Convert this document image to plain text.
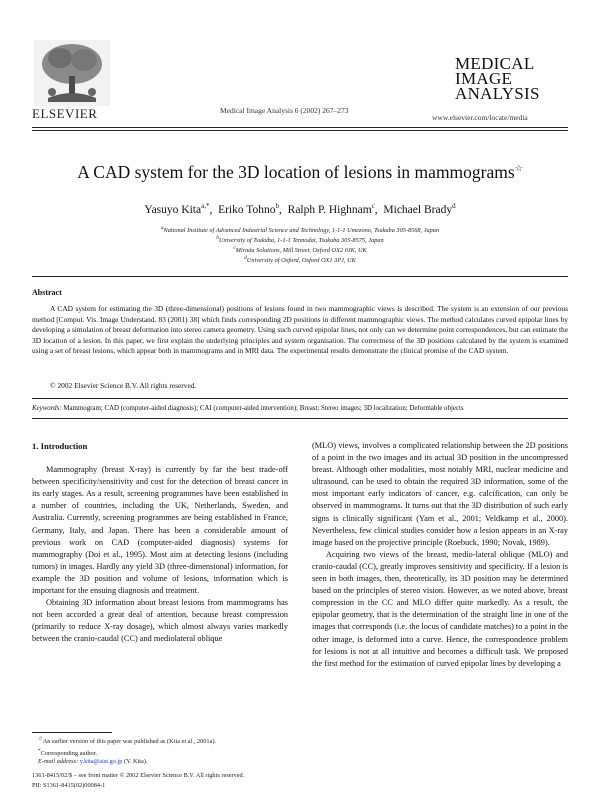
ELSEVIER	Medical Image Analysis 6 (2002) 267–273
MEDICAL
IMAGE
ANALYSIS
www.elsevier.com/locate/media
A CAD system for the 3D location of lesions in mammograms☆
Yasuyo Kita$^{a,*}$,  Eriko Tohno$^b$,  Ralph P. Highnam$^c$,  Michael Brady$^d$
$^a$National Institute of Advanced Industrial Science and Technology, 1-1-1 Umezono, Tsukuba 305-8568, Japan
$^b$University of Tsukuba, 1-1-1 Tennodai, Tsukuba 305-8575, Japan
$^c$Mirada Solutions, Mill Street, Oxford OX2 0JK, UK
$^d$University of Oxford, Oxford OX1 3PJ, UK
Abstract

A CAD system for estimating the 3D (three-dimensional) positions of lesions found in two mammographic views is described. The system is an extension of our previous method [Comput. Vis. Image Understand. 83 (2001) 38] which finds corresponding 2D positions in different mammographic views. The method calculates curved epipolar lines by developing a simulation of breast deformation into stereo camera geometry. Using such curved epipolar lines, not only can we determine point correspondences, but can estimate the 3D location of a lesion. In this paper, we first explain the underlying principles and system organisation. The correctness of the 3D positions calculated by the system is examined using a set of breast lesions, which appear both in mammograms and in MRI data. The experimental results demonstrate the clinical promise of the CAD system.

© 2002 Elsevier Science B.V. All rights reserved.
Keywords: Mammogram; CAD (computer-aided diagnosis); CAI (computer-aided intervention); Breast; Stereo images; 3D localization; Deformable objects
1. Introduction

Mammography (breast X-ray) is currently by far the best trade-off between specificity/sensitivity and cost for the detection of breast cancer in its early stages. As a result, screening programmes have been established in a number of countries, including the UK, Netherlands, Sweden, and Australia. Currently, screening programmes are being established in France, Germany, Italy, and Japan. There has been a considerable amount of previous work on CAD (computer-aided diagnosis) systems for mammography (Doi et al., 1995). Most aim at detecting lesions (including tumors) in images. Hardly any yield 3D (three-dimensional) information, for example the 3D position and volume of lesions, information which is important for the ensuing diagnosis and treatment.

Obtaining 3D information about breast lesions from mammograms has not been accorded a great deal of attention, because breast compression (primarily to reduce X-ray dosage), which almost always varies markedly between the cranio-caudal (CC) and mediolateral oblique

(MLO) views, involves a complicated relationship between the 2D positions of a point in the two images and its actual 3D position in the uncompressed breast. Although other modalities, most notably MRI, nuclear medicine and ultrasound, can be used to obtain the required 3D information, some of the most important early indicators of cancer, e.g. calcification, can only be observed in mammograms. It turns out that the 3D distribution of such early signs is clinically significant (Yam et al., 2001; Veldkamp et al., 2000). Nevertheless, few clinical studies consider how a lesion appears in an X-ray image based on the projective principle (Roebuck, 1990; Novak, 1989).

Acquiring two views of the breast, medio-lateral oblique (MLO) and cranio-caudal (CC), greatly improves sensitivity and specificity. If a lesion is seen in both images, then, theoretically, its 3D position may be determined based on the principles of stereo vision. However, as we noted above, breast compression in the CC and MLO differ quite markedly. As a result, the epipolar geometry, that is the determination of the straight line in one of the images that corresponds (i.e. the locus of candidate matches) to a point in the other image, is deformed into a curve. Hence, the correspondence problem for lesions is not at all intuitive and becomes a difficult task. We proposed the first method for the estimation of curved epipolar lines by developing a

☆An earlier version of this paper was published as (Kita et al., 2001a).
*Corresponding author.
E-mail address: y.kita@aist.go.jp (Y. Kita).
1361-8415/02/$ – see front matter © 2002 Elsevier Science B.V. All rights reserved.
PII: S1361-8415(02)00084-1
